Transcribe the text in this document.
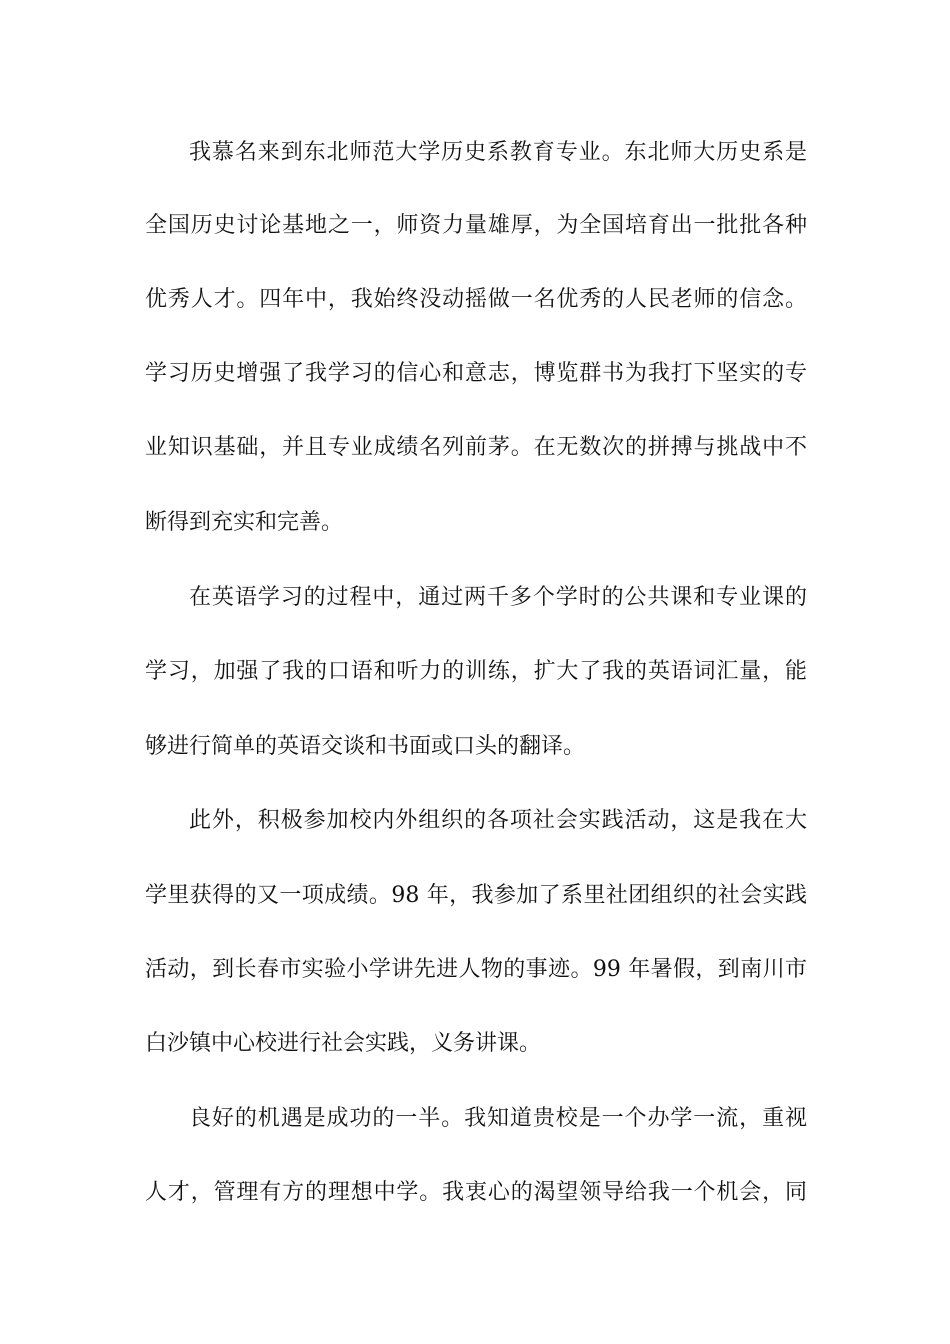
我慕名来到东北师范大学历史系教育专业。东北师大历史系是
全国历史讨论基地之一，师资力量雄厚，为全国培育出一批批各种
优秀人才。四年中，我始终没动摇做一名优秀的人民老师的信念。
学习历史增强了我学习的信心和意志，博览群书为我打下坚实的专
业知识基础，并且专业成绩名列前茅。在无数次的拼搏与挑战中不
断得到充实和完善。
在英语学习的过程中，通过两千多个学时的公共课和专业课的
学习，加强了我的口语和听力的训练，扩大了我的英语词汇量，能
够进行简单的英语交谈和书面或口头的翻译。
此外，积极参加校内外组织的各项社会实践活动，这是我在大
学里获得的又一项成绩。98 年，我参加了系里社团组织的社会实践
活动，到长春市实验小学讲先进人物的事迹。99 年暑假，到南川市
白沙镇中心校进行社会实践，义务讲课。
良好的机遇是成功的一半。我知道贵校是一个办学一流，重视
人才，管理有方的理想中学。我衷心的渴望领导给我一个机会，同
